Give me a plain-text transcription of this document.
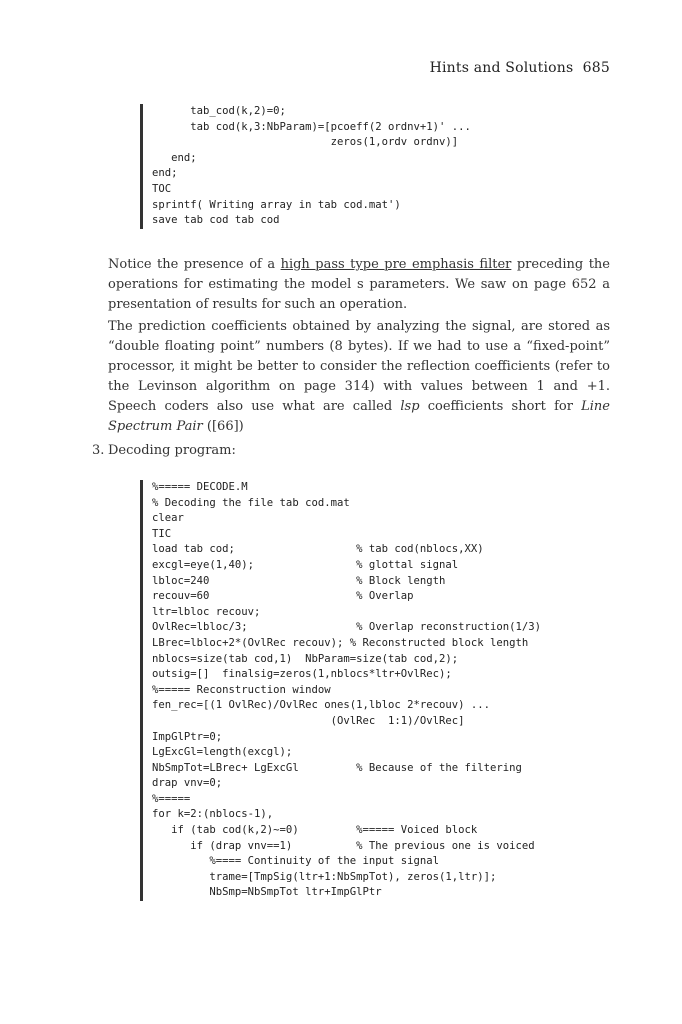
Hints and Solutions 685
tab_cod(k,2)=0;
tab cod(k,3:NbParam)=[pcoeff(2 ordnv+1)' ...
zeros(1,ordv ordnv)]
end;
end;
TOC
sprintf( Writing array in tab cod.mat')
save tab cod tab cod
Notice the presence of a high pass type pre emphasis filter preceding the operations for estimating the model s parameters. We saw on page 652 a presentation of results for such an operation.
The prediction coefficients obtained by analyzing the signal, are stored as “double floating point” numbers (8 bytes). If we had to use a “fixed-point” processor, it might be better to consider the reflection coefficients (refer to the Levinson algorithm on page 314) with values between 1 and +1. Speech coders also use what are called lsp coefficients short for Line Spectrum Pair ([66])
3. Decoding program:
%===== DECODE.M
% Decoding the file tab cod.mat
clear
TIC
load tab cod;                   % tab cod(nblocs,XX)
excgl=eye(1,40);                % glottal signal
lbloc=240                       % Block length
recouv=60                       % Overlap
ltr=lbloc recouv;
OvlRec=lbloc/3;                 % Overlap reconstruction(1/3)
LBrec=lbloc+2*(OvlRec recouv); % Reconstructed block length
nblocs=size(tab cod,1)  NbParam=size(tab cod,2);
outsig=[]  finalsig=zeros(1,nblocs*ltr+OvlRec);
%===== Reconstruction window
fen_rec=[(1 OvlRec)/OvlRec ones(1,lbloc 2*recouv) ...
(OvlRec  1:1)/OvlRec]
ImpGlPtr=0;
LgExcGl=length(excgl);
NbSmpTot=LBrec+ LgExcGl         % Because of the filtering
drap vnv=0;
%=====
for k=2:(nblocs-1),
if (tab cod(k,2)~=0)         %===== Voiced block
if (drap vnv==1)          % The previous one is voiced
%==== Continuity of the input signal
trame=[TmpSig(ltr+1:NbSmpTot), zeros(1,ltr)];
NbSmp=NbSmpTot ltr+ImpGlPtr
